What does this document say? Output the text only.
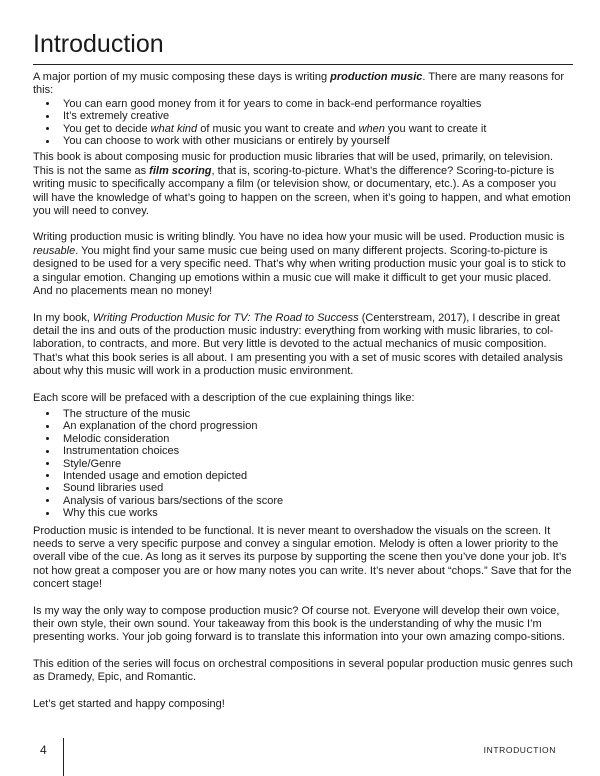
Introduction

A major portion of my music composing these days is writing production music. There are many reasons for this:

You can earn good money from it for years to come in back-end performance royalties
It’s extremely creative
You get to decide what kind of music you want to create and when you want to create it
You can choose to work with other musicians or entirely by yourself

This book is about composing music for production music libraries that will be used, primarily, on television. This is not the same as film scoring, that is, scoring-to-picture. What’s the difference? Scoring-to-picture is writing music to specifically accompany a film (or television show, or documentary, etc.). As a composer you will have the knowledge of what’s going to happen on the screen, when it’s going to happen, and what emotion you will need to convey.

Writing production music is writing blindly. You have no idea how your music will be used. Production music is reusable. You might find your same music cue being used on many different projects. Scoring-to-picture is designed to be used for a very specific need. That’s why when writing production music your goal is to stick to a singular emotion. Changing up emotions within a music cue will make it difficult to get your music placed. And no placements mean no money!

In my book, Writing Production Music for TV: The Road to Success (Centerstream, 2017), I describe in great detail the ins and outs of the production music industry: everything from working with music libraries, to col-laboration, to contracts, and more. But very little is devoted to the actual mechanics of music composition. That’s what this book series is all about. I am presenting you with a set of music scores with detailed analysis about why this music will work in a production music environment.

Each score will be prefaced with a description of the cue explaining things like:

The structure of the music
An explanation of the chord progression
Melodic consideration
Instrumentation choices
Style/Genre
Intended usage and emotion depicted
Sound libraries used
Analysis of various bars/sections of the score
Why this cue works

Production music is intended to be functional. It is never meant to overshadow the visuals on the screen. It needs to serve a very specific purpose and convey a singular emotion. Melody is often a lower priority to the overall vibe of the cue. As long as it serves its purpose by supporting the scene then you’ve done your job. It’s not how great a composer you are or how many notes you can write. It’s never about “chops.” Save that for the concert stage!

Is my way the only way to compose production music? Of course not. Everyone will develop their own voice, their own style, their own sound. Your takeaway from this book is the understanding of why the music I’m presenting works. Your job going forward is to translate this information into your own amazing compo-sitions.

This edition of the series will focus on orchestral compositions in several popular production music genres such as Dramedy, Epic, and Romantic.

Let’s get started and happy composing!

4	INTRODUCTION
